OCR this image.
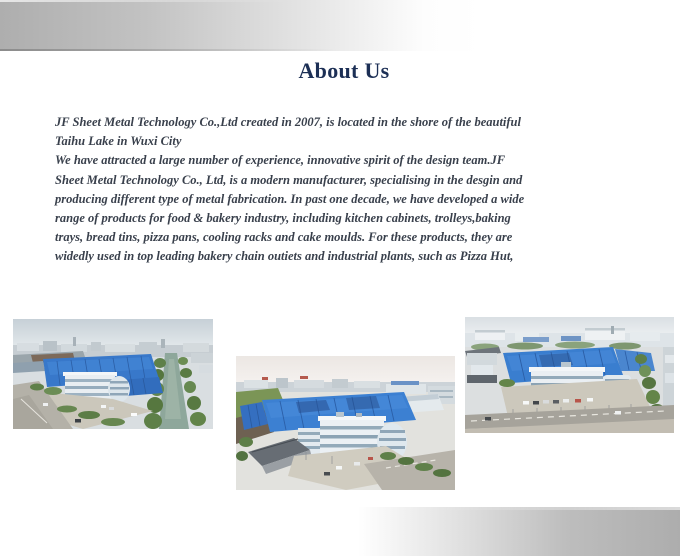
About Us
JF Sheet Metal Technology Co.,Ltd created in 2007, is located in the shore of the beautiful
Taihu Lake in Wuxi City
We have attracted a large number of experience, innovative spirit of the design team.JF
Sheet Metal Technology Co., Ltd, is a modern manufacturer, specialising in the desgin and
producing different type of metal fabrication. In past one decade, we have developed a wide
range of products for food & bakery industry, including kitchen cabinets, trolleys,baking
trays, bread tins, pizza pans, cooling racks and cake moulds. For these products, they are
widedly used in top leading bakery chain outiets and industrial plants, such as Pizza Hut,
